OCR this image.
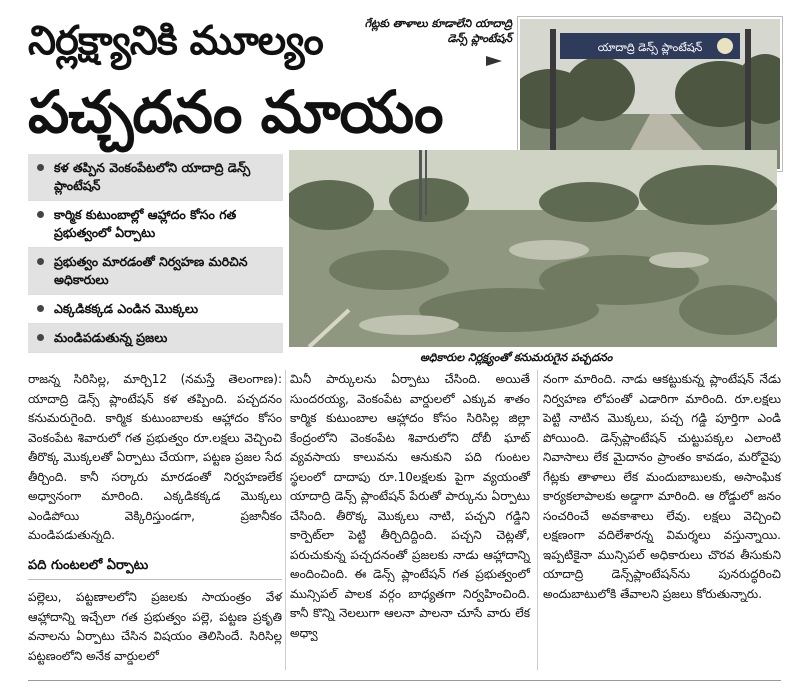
నిర్లక్ష్యానికి మూల్యం
పచ్చదనం మాయం
గేట్లకు తాళాలు కూడాలేని యాదాద్రి డెన్స్ ప్లాంటేషన్
యాదాద్రి డెన్స్ ప్లాంటేషన్
కళ తప్పిన వెంకంపేటలోని యాదాద్రి డెన్స్ ప్లాంటేషన్
కార్మిక కుటుంబాల్లో ఆహ్లాదం కోసం గత ప్రభుత్వంలో ఏర్పాటు
ప్రభుత్వం మారడంతో నిర్వహణ మరిచిన అధికారులు
ఎక్కడికక్కడ ఎండిన మొక్కలు
మండిపడుతున్న ప్రజలు
అధికారుల నిర్లక్ష్యంతో కనుమరుగైన పచ్చదనం

రాజన్న సిరిసిల్ల, మార్చి12 (నమస్తే తెలంగాణ): యాదాద్రి డెన్స్ ప్లాంటేషన్ కళ తప్పింది. పచ్చదనం కనుమరుగైంది. కార్మిక కుటుంబాలకు ఆహ్లాదం కోసం వెంకంపేట శివారులో గత ప్రభుత్వం రూ.లక్షలు వెచ్చించి తీరొక్క మొక్కలతో ఏర్పాటు చేయగా, పట్టణ ప్రజల సేద తీర్చింది. కానీ సర్కారు మారడంతో నిర్వహణలేక అధ్వానంగా మారింది. ఎక్కడికక్కడ మొక్కలు ఎండిపోయి వెక్కిరిస్తుండగా, ప్రజానీకం మండిపడుతున్నది.

పది గుంటలలో ఏర్పాటు

పల్లెలు, పట్టణాలలోని ప్రజలకు సాయంత్రం వేళ ఆహ్లాదాన్ని ఇచ్చేలా గత ప్రభుత్వం పల్లె, పట్టణ ప్రకృతి వనాలను ఏర్పాటు చేసిన విషయం తెలిసిందే. సిరిసిల్ల పట్టణంలోని అనేక వార్డులలో

మినీ పార్కులను ఏర్పాటు చేసింది. అయితే సుందరయ్య, వెంకంపేట వార్డులలో ఎక్కువ శాతం కార్మిక కుటుంబాల ఆహ్లాదం కోసం సిరిసిల్ల జిల్లా కేంద్రంలోని వెంకంపేట శివారులోని దోబీ ఘాట్ వ్యవసాయ కాలువను ఆనుకుని పది గుంటల స్థలంలో దాదాపు రూ.10లక్షలకు పైగా వ్యయంతో యాదాద్రి డెన్స్ ప్లాంటేషన్ పేరుతో పార్కును ఏర్పాటు చేసింది. తీరొక్క మొక్కలు నాటి, పచ్చని గడ్డిని కార్పెట్‌లా పెట్టి తీర్చిదిద్దింది. పచ్చని చెట్లతో, పరుచుకున్న పచ్చదనంతో ప్రజలకు నాడు ఆహ్లాదాన్ని అందించింది. ఈ డెన్స్ ప్లాంటేషన్ గత ప్రభుత్వంలో మున్సిపల్ పాలక వర్గం బాధ్యతగా నిర్వహించింది. కానీ కొన్ని నెలలుగా ఆలనా పాలనా చూసే వారు లేక అధ్వా

నంగా మారింది. నాడు ఆకట్టుకున్న ప్లాంటేషన్ నేడు నిర్వహణ లోపంతో ఎడారిగా మారింది. రూ.లక్షలు పెట్టి నాటిన మొక్కలు, పచ్చ గడ్డి పూర్తిగా ఎండి పోయింది. డెన్స్‌ప్లాంటేషన్ చుట్టుపక్కల ఎలాంటి నివాసాలు లేక మైదానం ప్రాంతం కావడం, మరోవైపు గేట్లకు తాళాలు లేక మందుబాబులకు, అసాంఘిక కార్యకలాపాలకు అడ్డాగా మారింది. ఆ రోడ్డులో జనం సంచరించే అవకాశాలు లేవు. లక్షలు వెచ్చించి లక్షణంగా వదిలేశారన్న విమర్శలు వస్తున్నాయి. ఇప్పటికైనా మున్సిపల్ అధికారులు చొరవ తీసుకుని యాదాద్రి డెన్స్‌ప్లాంటేషన్‌ను పునరుద్ధరించి అందుబాటులోకి తేవాలని ప్రజలు కోరుతున్నారు.
